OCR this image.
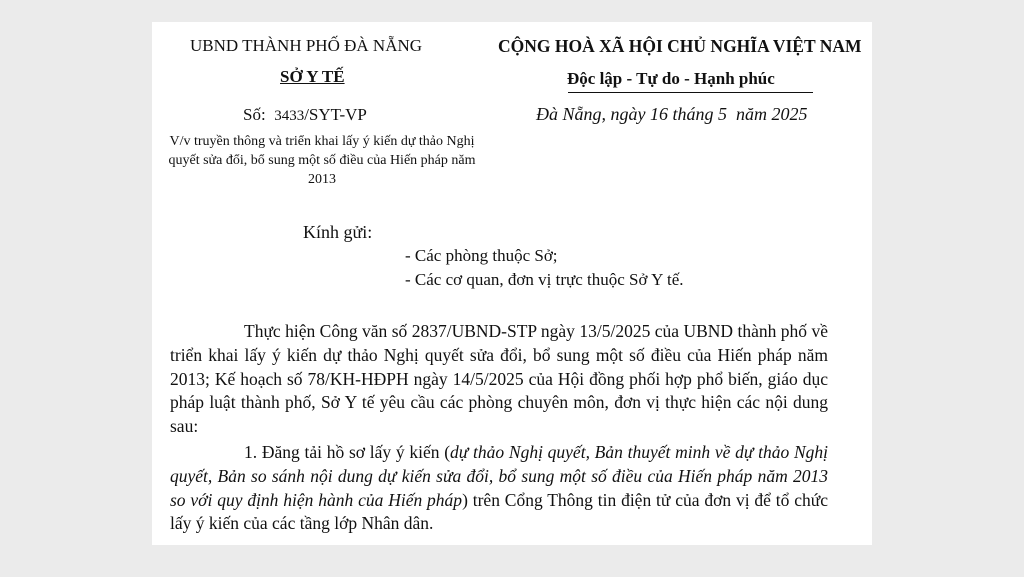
UBND THÀNH PHỐ ĐÀ NẴNG
SỞ Y TẾ
Số: 3433/SYT-VP
V/v truyền thông và triển khai lấy ý kiến dự thảo Nghị quyết sửa đổi, bổ sung một số điều của Hiến pháp năm 2013
CỘNG HOÀ XÃ HỘI CHỦ NGHĨA VIỆT NAM
Độc lập - Tự do - Hạnh phúc
Đà Nẵng, ngày 16 tháng 5 năm 2025
Kính gửi:
- Các phòng thuộc Sở;
- Các cơ quan, đơn vị trực thuộc Sở Y tế.

Thực hiện Công văn số 2837/UBND-STP ngày 13/5/2025 của UBND thành phố về triển khai lấy ý kiến dự thảo Nghị quyết sửa đổi, bổ sung một số điều của Hiến pháp năm 2013; Kế hoạch số 78/KH-HĐPH ngày 14/5/2025 của Hội đồng phối hợp phổ biến, giáo dục pháp luật thành phố, Sở Y tế yêu cầu các phòng chuyên môn, đơn vị thực hiện các nội dung sau:

1. Đăng tải hồ sơ lấy ý kiến (dự thảo Nghị quyết, Bản thuyết minh về dự thảo Nghị quyết, Bản so sánh nội dung dự kiến sửa đổi, bổ sung một số điều của Hiến pháp năm 2013 so với quy định hiện hành của Hiến pháp) trên Cổng Thông tin điện tử của đơn vị để tổ chức lấy ý kiến của các tầng lớp Nhân dân.
